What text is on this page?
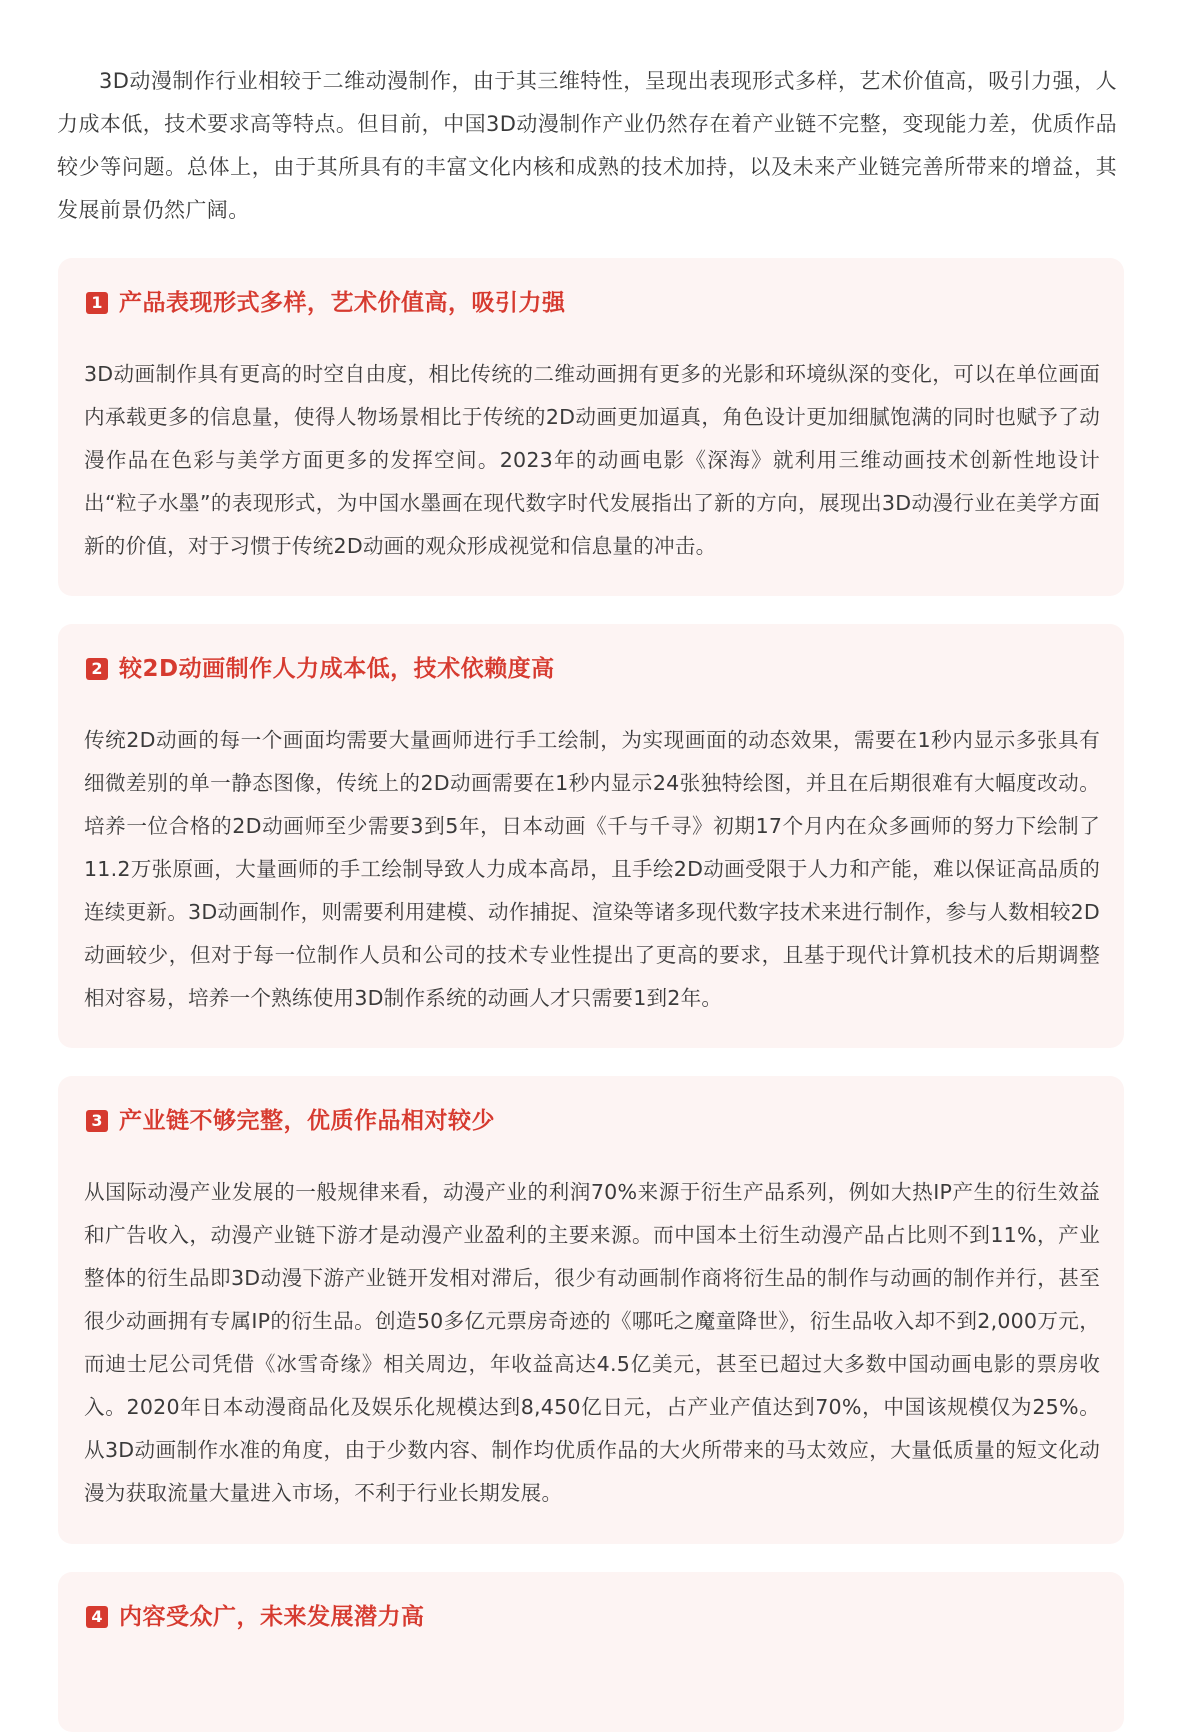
3D动漫制作行业相较于二维动漫制作，由于其三维特性，呈现出表现形式多样，艺术价值高，吸引力强，人力成本低，技术要求高等特点。但目前，中国3D动漫制作产业仍然存在着产业链不完整，变现能力差，优质作品较少等问题。总体上，由于其所具有的丰富文化内核和成熟的技术加持，以及未来产业链完善所带来的增益，其发展前景仍然广阔。

1 产品表现形式多样，艺术价值高，吸引力强

3D动画制作具有更高的时空自由度，相比传统的二维动画拥有更多的光影和环境纵深的变化，可以在单位画面内承载更多的信息量，使得人物场景相比于传统的2D动画更加逼真，角色设计更加细腻饱满的同时也赋予了动漫作品在色彩与美学方面更多的发挥空间。2023年的动画电影《深海》就利用三维动画技术创新性地设计出“粒子水墨”的表现形式，为中国水墨画在现代数字时代发展指出了新的方向，展现出3D动漫行业在美学方面新的价值，对于习惯于传统2D动画的观众形成视觉和信息量的冲击。

2 较2D动画制作人力成本低，技术依赖度高

传统2D动画的每一个画面均需要大量画师进行手工绘制，为实现画面的动态效果，需要在1秒内显示多张具有细微差别的单一静态图像，传统上的2D动画需要在1秒内显示24张独特绘图，并且在后期很难有大幅度改动。培养一位合格的2D动画师至少需要3到5年，日本动画《千与千寻》初期17个月内在众多画师的努力下绘制了11.2万张原画，大量画师的手工绘制导致人力成本高昂，且手绘2D动画受限于人力和产能，难以保证高品质的连续更新。3D动画制作，则需要利用建模、动作捕捉、渲染等诸多现代数字技术来进行制作，参与人数相较2D动画较少，但对于每一位制作人员和公司的技术专业性提出了更高的要求，且基于现代计算机技术的后期调整相对容易，培养一个熟练使用3D制作系统的动画人才只需要1到2年。

3 产业链不够完整，优质作品相对较少

从国际动漫产业发展的一般规律来看，动漫产业的利润70%来源于衍生产品系列，例如大热IP产生的衍生效益和广告收入，动漫产业链下游才是动漫产业盈利的主要来源。而中国本土衍生动漫产品占比则不到11%，产业整体的衍生品即3D动漫下游产业链开发相对滞后，很少有动画制作商将衍生品的制作与动画的制作并行，甚至很少动画拥有专属IP的衍生品。创造50多亿元票房奇迹的《哪吒之魔童降世》，衍生品收入却不到2,000万元，而迪士尼公司凭借《冰雪奇缘》相关周边，年收益高达4.5亿美元，甚至已超过大多数中国动画电影的票房收入。2020年日本动漫商品化及娱乐化规模达到8,450亿日元，占产业产值达到70%，中国该规模仅为25%。从3D动画制作水准的角度，由于少数内容、制作均优质作品的大火所带来的马太效应，大量低质量的短文化动漫为获取流量大量进入市场，不利于行业长期发展。

4 内容受众广，未来发展潜力高
